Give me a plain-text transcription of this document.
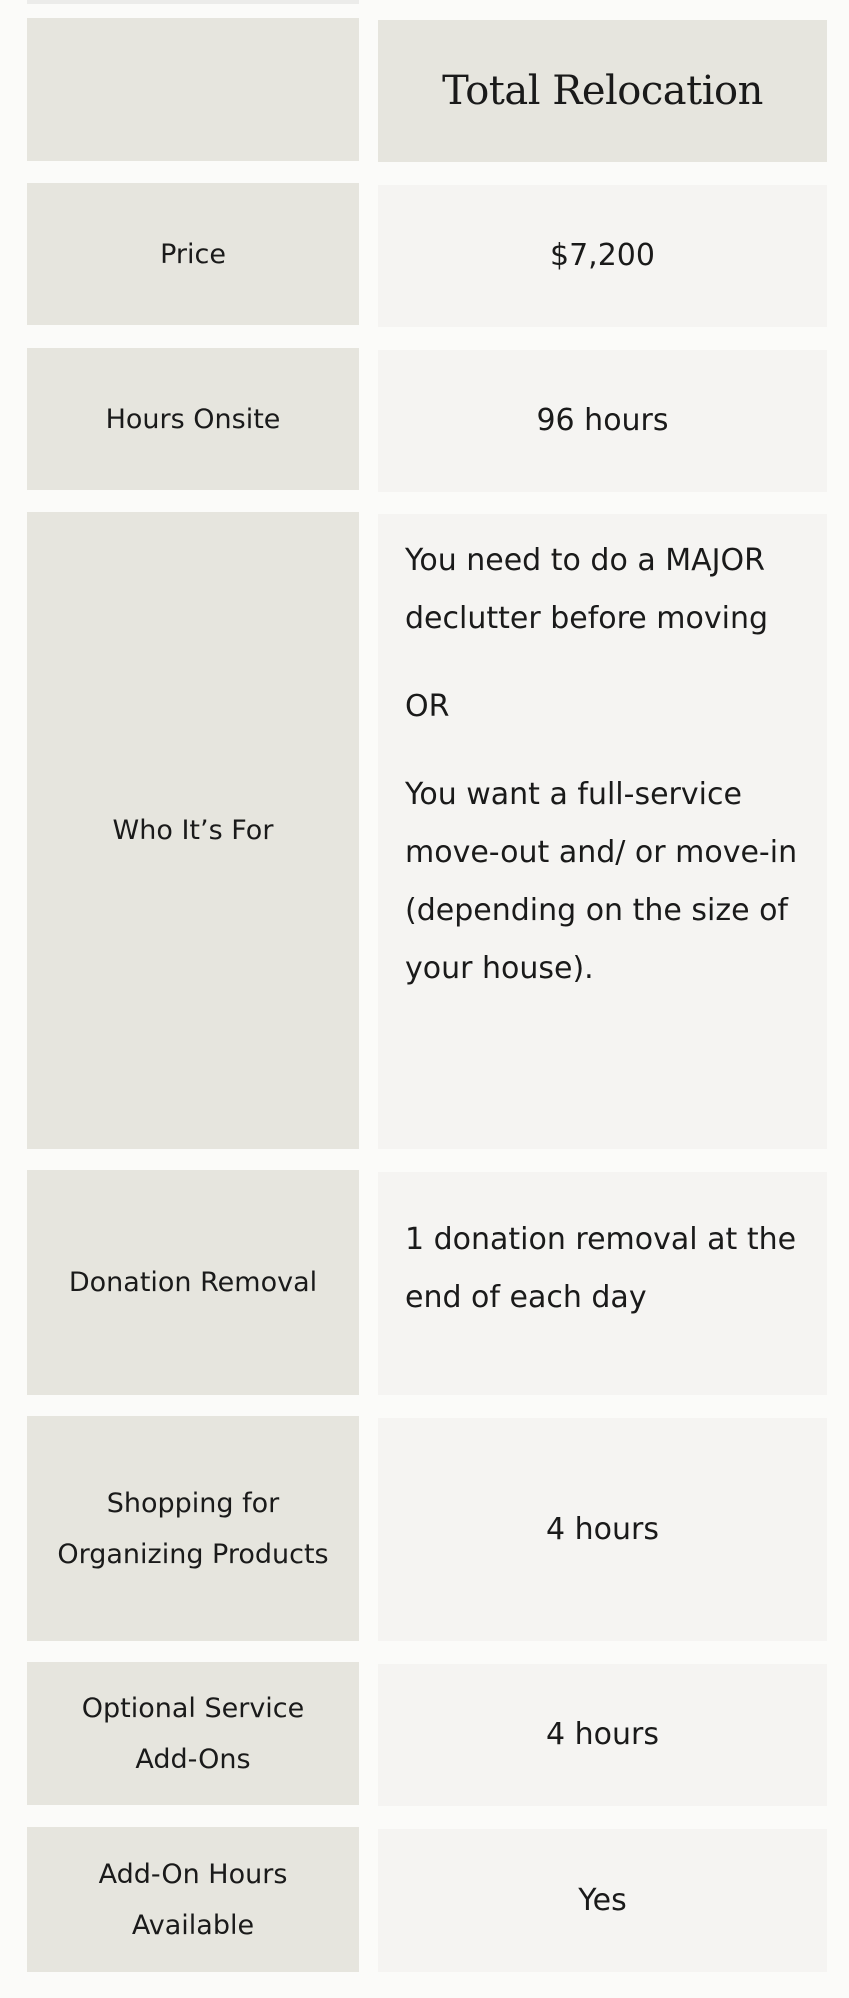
Total Relocation
Price	$7,200
Hours Onsite	96 hours
Who It’s For

You need to do a MAJOR declutter before moving

OR

You want a full-service move-out and/ or move-in (depending on the size of your house).

Donation Removal
1 donation removal at the end of each day
Shopping for Organizing Products
4 hours
Optional Service Add-Ons
4 hours
Add-On Hours Available
Yes
